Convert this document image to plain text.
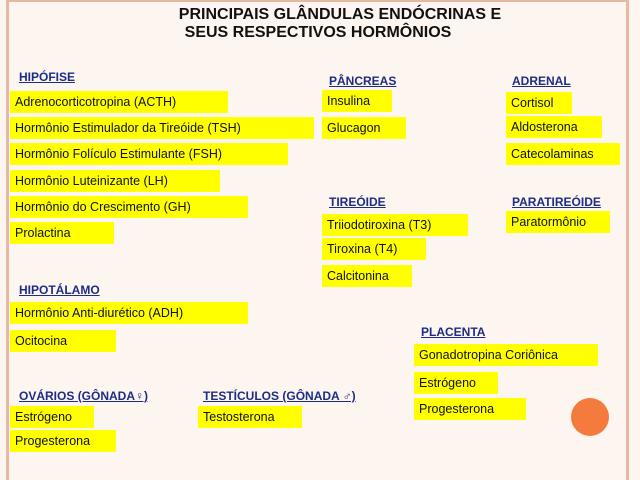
PRINCIPAIS GLÂNDULAS ENDÓCRINAS E
SEUS RESPECTIVOS HORMÔNIOS
HIPÓFISE
Adrenocorticotropina (ACTH)
Hormônio Estimulador da Tireóide (TSH)
Hormônio Folículo Estimulante (FSH)
Hormônio Luteinizante (LH)
Hormônio do Crescimento (GH)
Prolactina
HIPOTÁLAMO
Hormônio Anti-diurético (ADH)
Ocitocina
OVÁRIOS (GÔNADA♀)
Estrógeno
Progesterona
TESTÍCULOS (GÔNADA ♂)
Testosterona
PÂNCREAS
Insulina
Glucagon
TIREÓIDE
Triiodotiroxina (T3)
Tiroxina (T4)
Calcitonina
ADRENAL
Cortisol
Aldosterona
Catecolaminas
PARATIREÓIDE
Paratormônio
PLACENTA
Gonadotropina Coriônica
Estrógeno
Progesterona
